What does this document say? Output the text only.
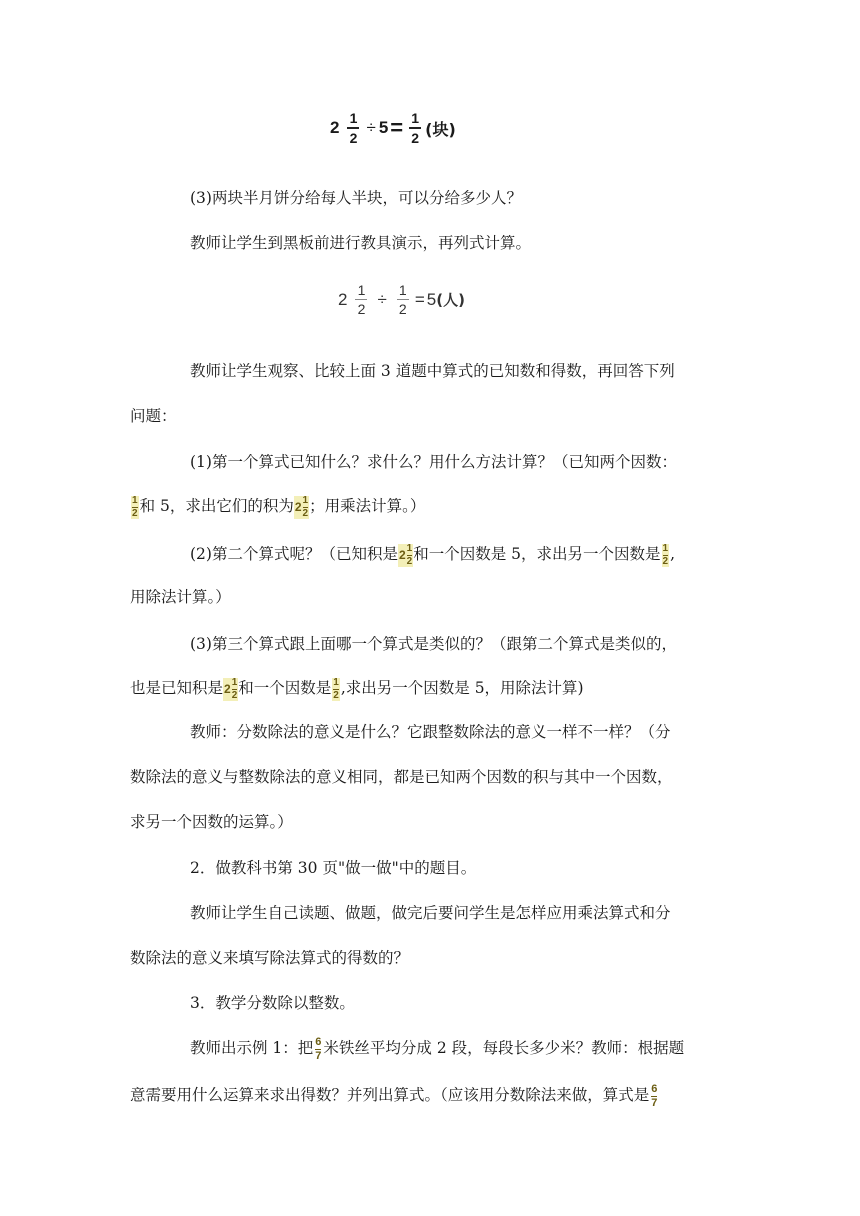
$2 \frac{1}{2} \div 5 = \frac{1}{2}$ (块)
(3)两块半月饼分给每人半块，可以分给多少人？
教师让学生到黑板前进行教具演示，再列式计算。
$2 \frac{1}{2} \div \frac{1}{2} = 5$ (人)
教师让学生观察、比较上面 3 道题中算式的已知数和得数，再回答下列
问题：
(1)第一个算式已知什么？求什么？用什么方法计算？（已知两个因数：
$\frac{1}{2}$ 和 5，求出它们的积为 2 1
2 ；用乘法计算。）
(2)第二个算式呢？（已知积是 2 1
2 和一个因数是 5，求出另一个因数是 $\frac{1}{2}$ ,
用除法计算。）
(3)第三个算式跟上面哪一个算式是类似的？（跟第二个算式是类似的，
也是已知积是 2 1
2 和一个因数是 $\frac{1}{2}$ ,求出另一个因数是 5，用除法计算)
教师：分数除法的意义是什么？它跟整数除法的意义一样不一样？（分
数除法的意义与整数除法的意义相同，都是已知两个因数的积与其中一个因数，
求另一个因数的运算。）
2．做教科书第 30 页"做一做"中的题目。
教师让学生自己读题、做题，做完后要问学生是怎样应用乘法算式和分
数除法的意义来填写除法算式的得数的？
3．教学分数除以整数。
教师出示例 1：把 $\frac{6}{7}$ 米铁丝平均分成 2 段，每段长多少米？教师：根据题
意需要用什么运算来求出得数？并列出算式。（应该用分数除法来做，算式是 $\frac{6}{7}$
